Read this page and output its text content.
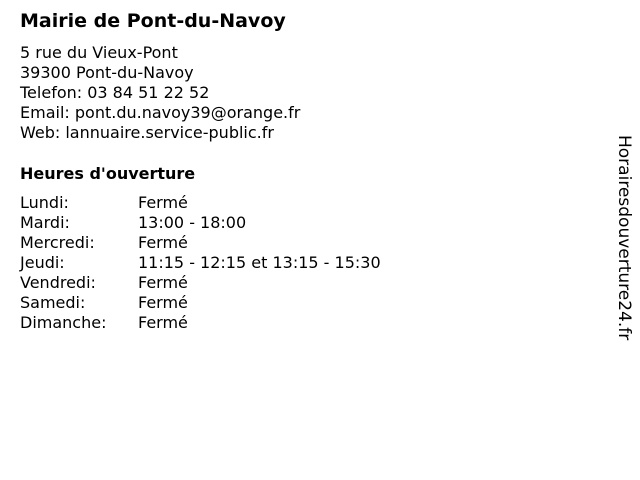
Mairie de Pont-du-Navoy
5 rue du Vieux-Pont
39300 Pont-du-Navoy
Telefon: 03 84 51 22 52
Email: pont.du.navoy39@orange.fr
Web: lannuaire.service-public.fr
Heures d'ouverture
Lundi:	Fermé
Mardi:	13:00 - 18:00
Mercredi:	Fermé
Jeudi:	11:15 - 12:15 et 13:15 - 15:30
Vendredi:	Fermé
Samedi:	Fermé
Dimanche:	Fermé	Horairesdouverture24.fr
